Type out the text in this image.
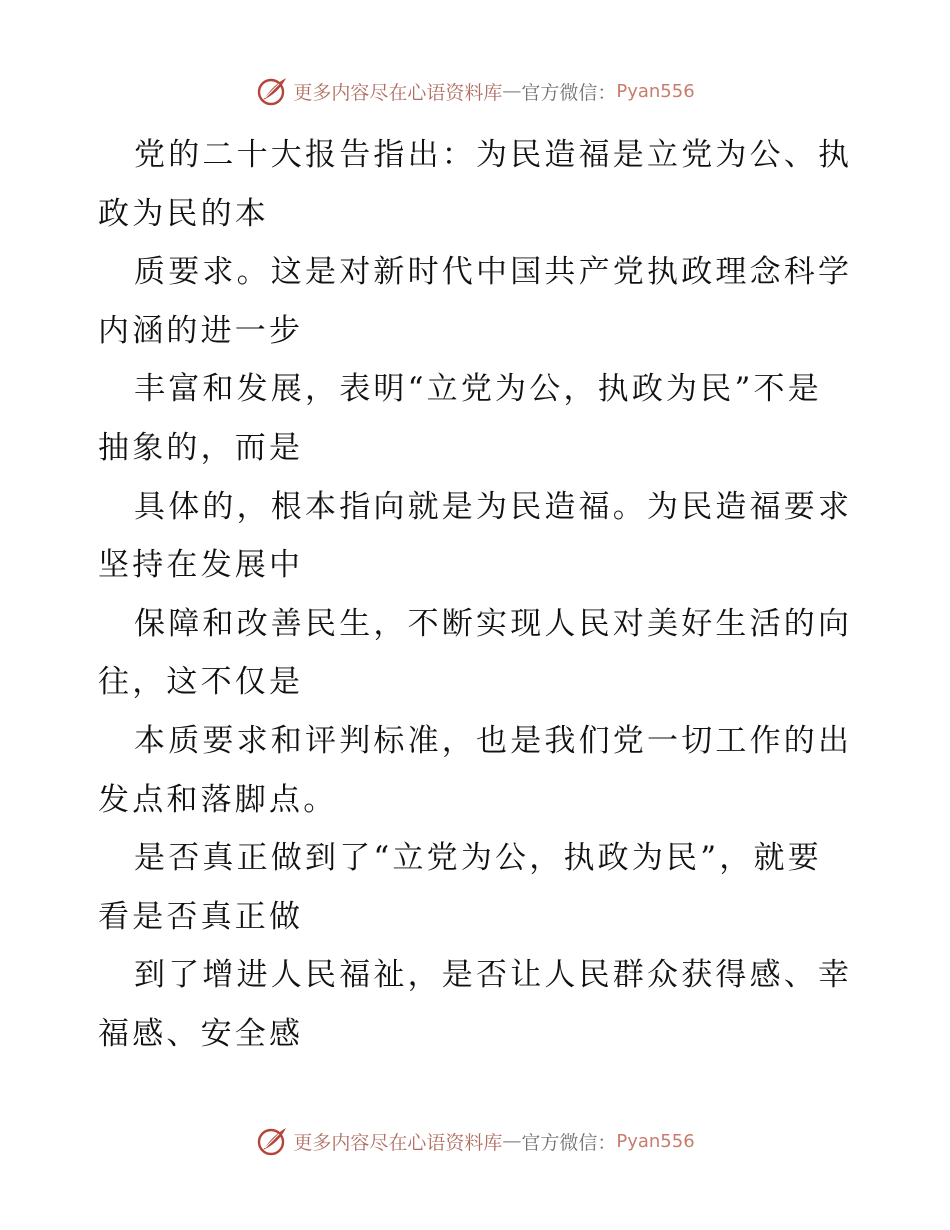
更多内容尽在心语资料库 — 官方微信： Pyan556
党的二十大报告指出：为民造福是立党为公、执
政为民的本
质要求。这是对新时代中国共产党执政理念科学
内涵的进一步
丰富和发展，表明“立党为公，执政为民”不是
抽象的，而是
具体的，根本指向就是为民造福。为民造福要求
坚持在发展中
保障和改善民生，不断实现人民对美好生活的向
往，这不仅是
本质要求和评判标准，也是我们党一切工作的出
发点和落脚点。
是否真正做到了“立党为公，执政为民”，就要
看是否真正做
到了增进人民福祉，是否让人民群众获得感、幸
福感、安全感
更多内容尽在心语资料库 — 官方微信： Pyan556
